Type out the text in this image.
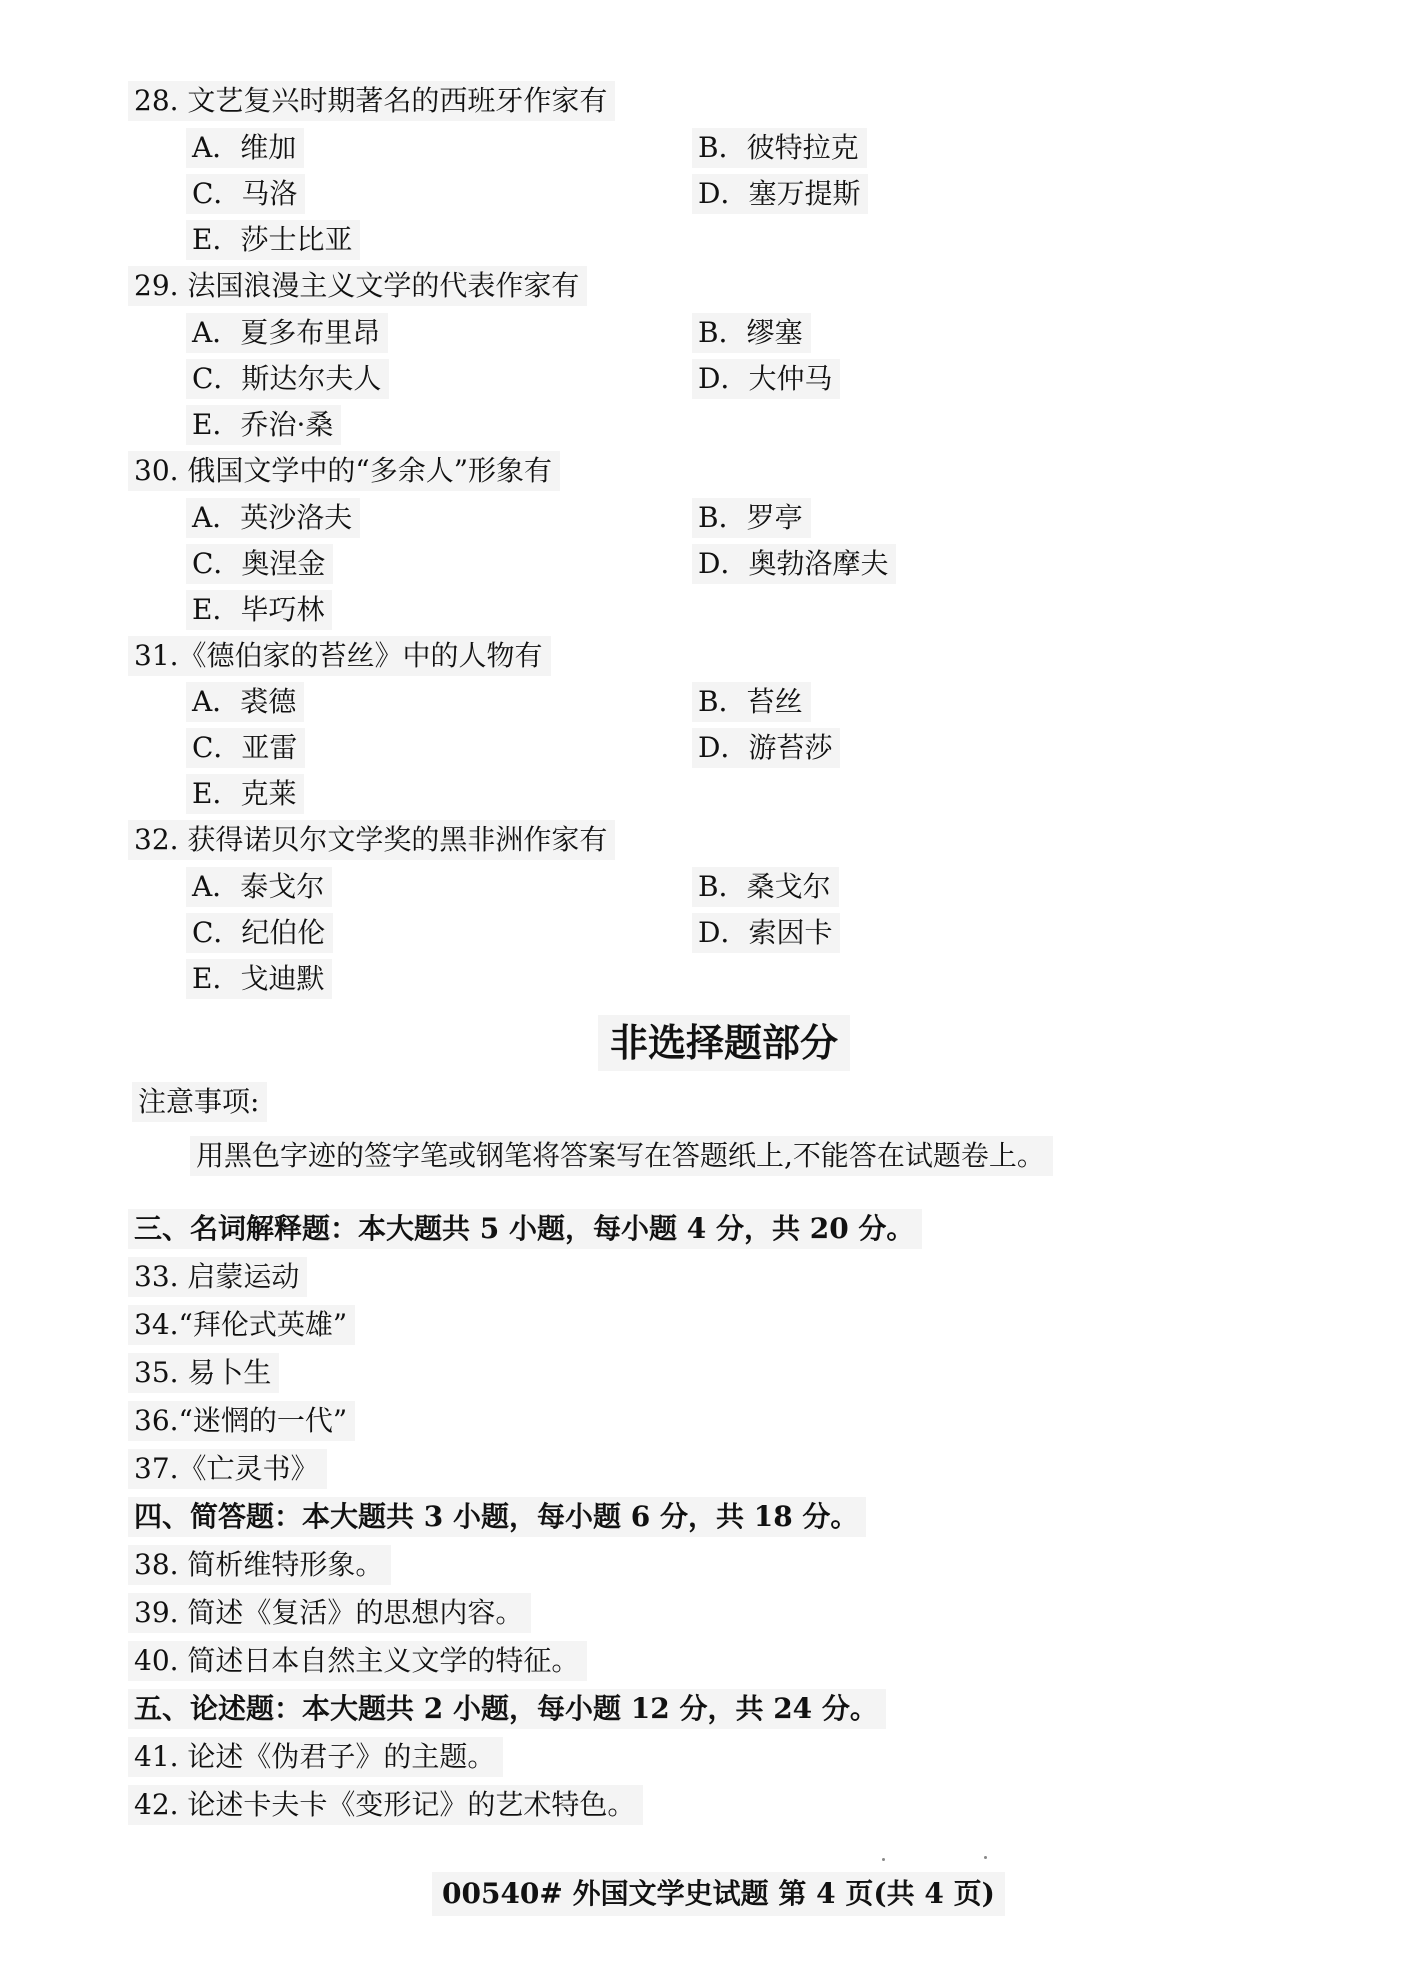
28. 文艺复兴时期著名的西班牙作家有
A．维加	B．彼特拉克
C．马洛	D．塞万提斯
E．莎士比亚
29. 法国浪漫主义文学的代表作家有
A．夏多布里昂	B．缪塞
C．斯达尔夫人	D．大仲马
E．乔治·桑
30. 俄国文学中的“多余人”形象有
A．英沙洛夫	B．罗亭
C．奥涅金	D．奥勃洛摩夫
E．毕巧林
31.《德伯家的苔丝》中的人物有
A．裘德	B．苔丝
C．亚雷	D．游苔莎
E．克莱
32. 获得诺贝尔文学奖的黑非洲作家有
A．泰戈尔	B．桑戈尔
C．纪伯伦	D．索因卡
E．戈迪默
非选择题部分
注意事项:
用黑色字迹的签字笔或钢笔将答案写在答题纸上,不能答在试题卷上。
三、名词解释题：本大题共 5 小题，每小题 4 分，共 20 分。
33. 启蒙运动
34.“拜伦式英雄”
35. 易卜生
36.“迷惘的一代”
37.《亡灵书》
四、简答题：本大题共 3 小题，每小题 6 分，共 18 分。
38. 简析维特形象。
39. 简述《复活》的思想内容。
40. 简述日本自然主义文学的特征。
五、论述题：本大题共 2 小题，每小题 12 分，共 24 分。
41. 论述《伪君子》的主题。
42. 论述卡夫卡《变形记》的艺术特色。
00540# 外国文学史试题 第 4 页(共 4 页)
